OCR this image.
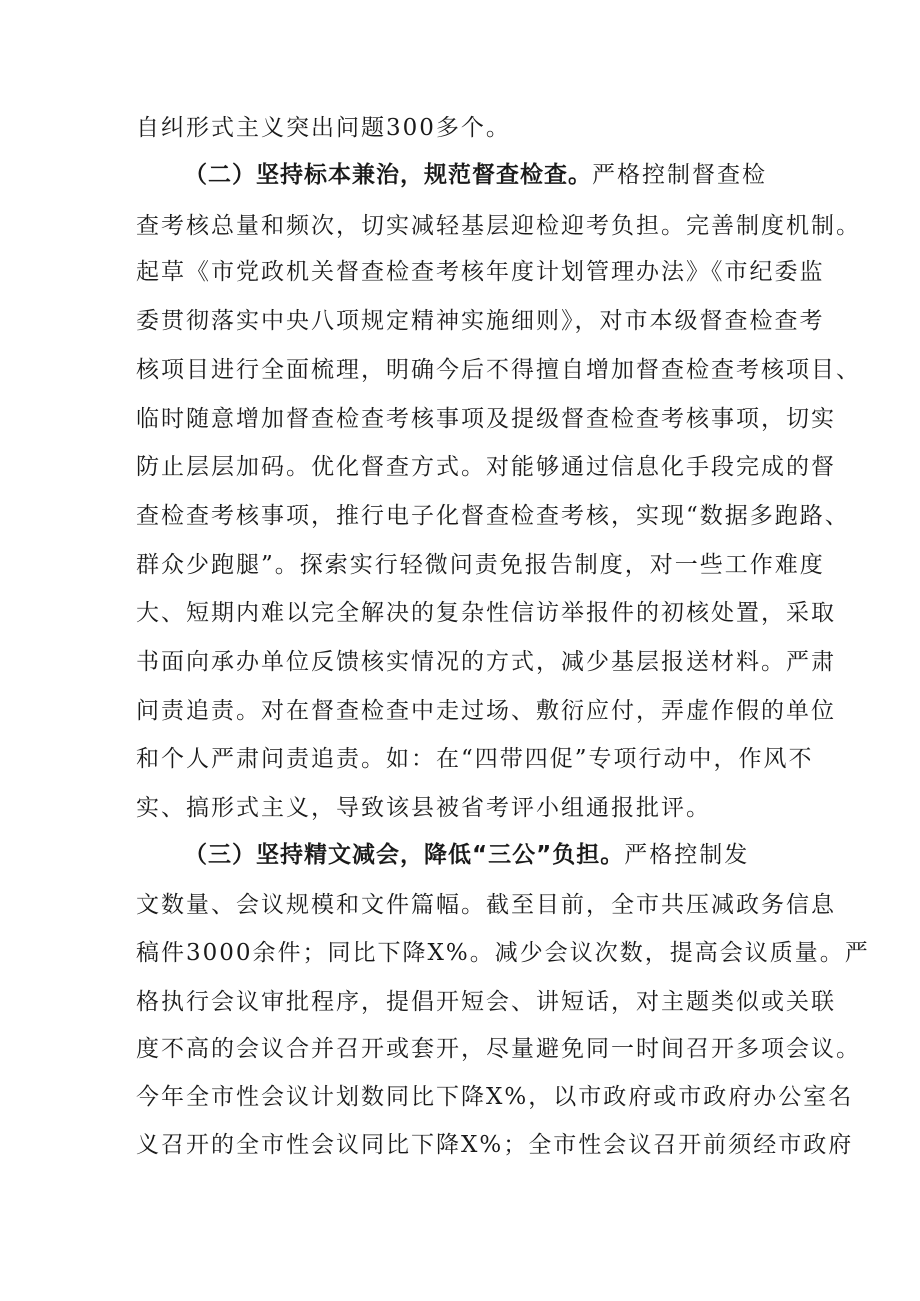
自纠形式主义突出问题300多个。
（二）坚持标本兼治，规范督查检查。严格控制督查检
查考核总量和频次，切实减轻基层迎检迎考负担。完善制度机制。
起草《市党政机关督查检查考核年度计划管理办法》《市纪委监
委贯彻落实中央八项规定精神实施细则》，对市本级督查检查考
核项目进行全面梳理，明确今后不得擅自增加督查检查考核项目、
临时随意增加督查检查考核事项及提级督查检查考核事项，切实
防止层层加码。优化督查方式。对能够通过信息化手段完成的督
查检查考核事项，推行电子化督查检查考核，实现“数据多跑路、
群众少跑腿”。探索实行轻微问责免报告制度，对一些工作难度
大、短期内难以完全解决的复杂性信访举报件的初核处置，采取
书面向承办单位反馈核实情况的方式，减少基层报送材料。严肃
问责追责。对在督查检查中走过场、敷衍应付，弄虚作假的单位
和个人严肃问责追责。如：在“四带四促”专项行动中，作风不
实、搞形式主义，导致该县被省考评小组通报批评。
（三）坚持精文减会，降低“三公”负担。严格控制发
文数量、会议规模和文件篇幅。截至目前，全市共压减政务信息
稿件3000余件；同比下降X%。减少会议次数，提高会议质量。严
格执行会议审批程序，提倡开短会、讲短话，对主题类似或关联
度不高的会议合并召开或套开，尽量避免同一时间召开多项会议。
今年全市性会议计划数同比下降X%，以市政府或市政府办公室名
义召开的全市性会议同比下降X%；全市性会议召开前须经市政府
